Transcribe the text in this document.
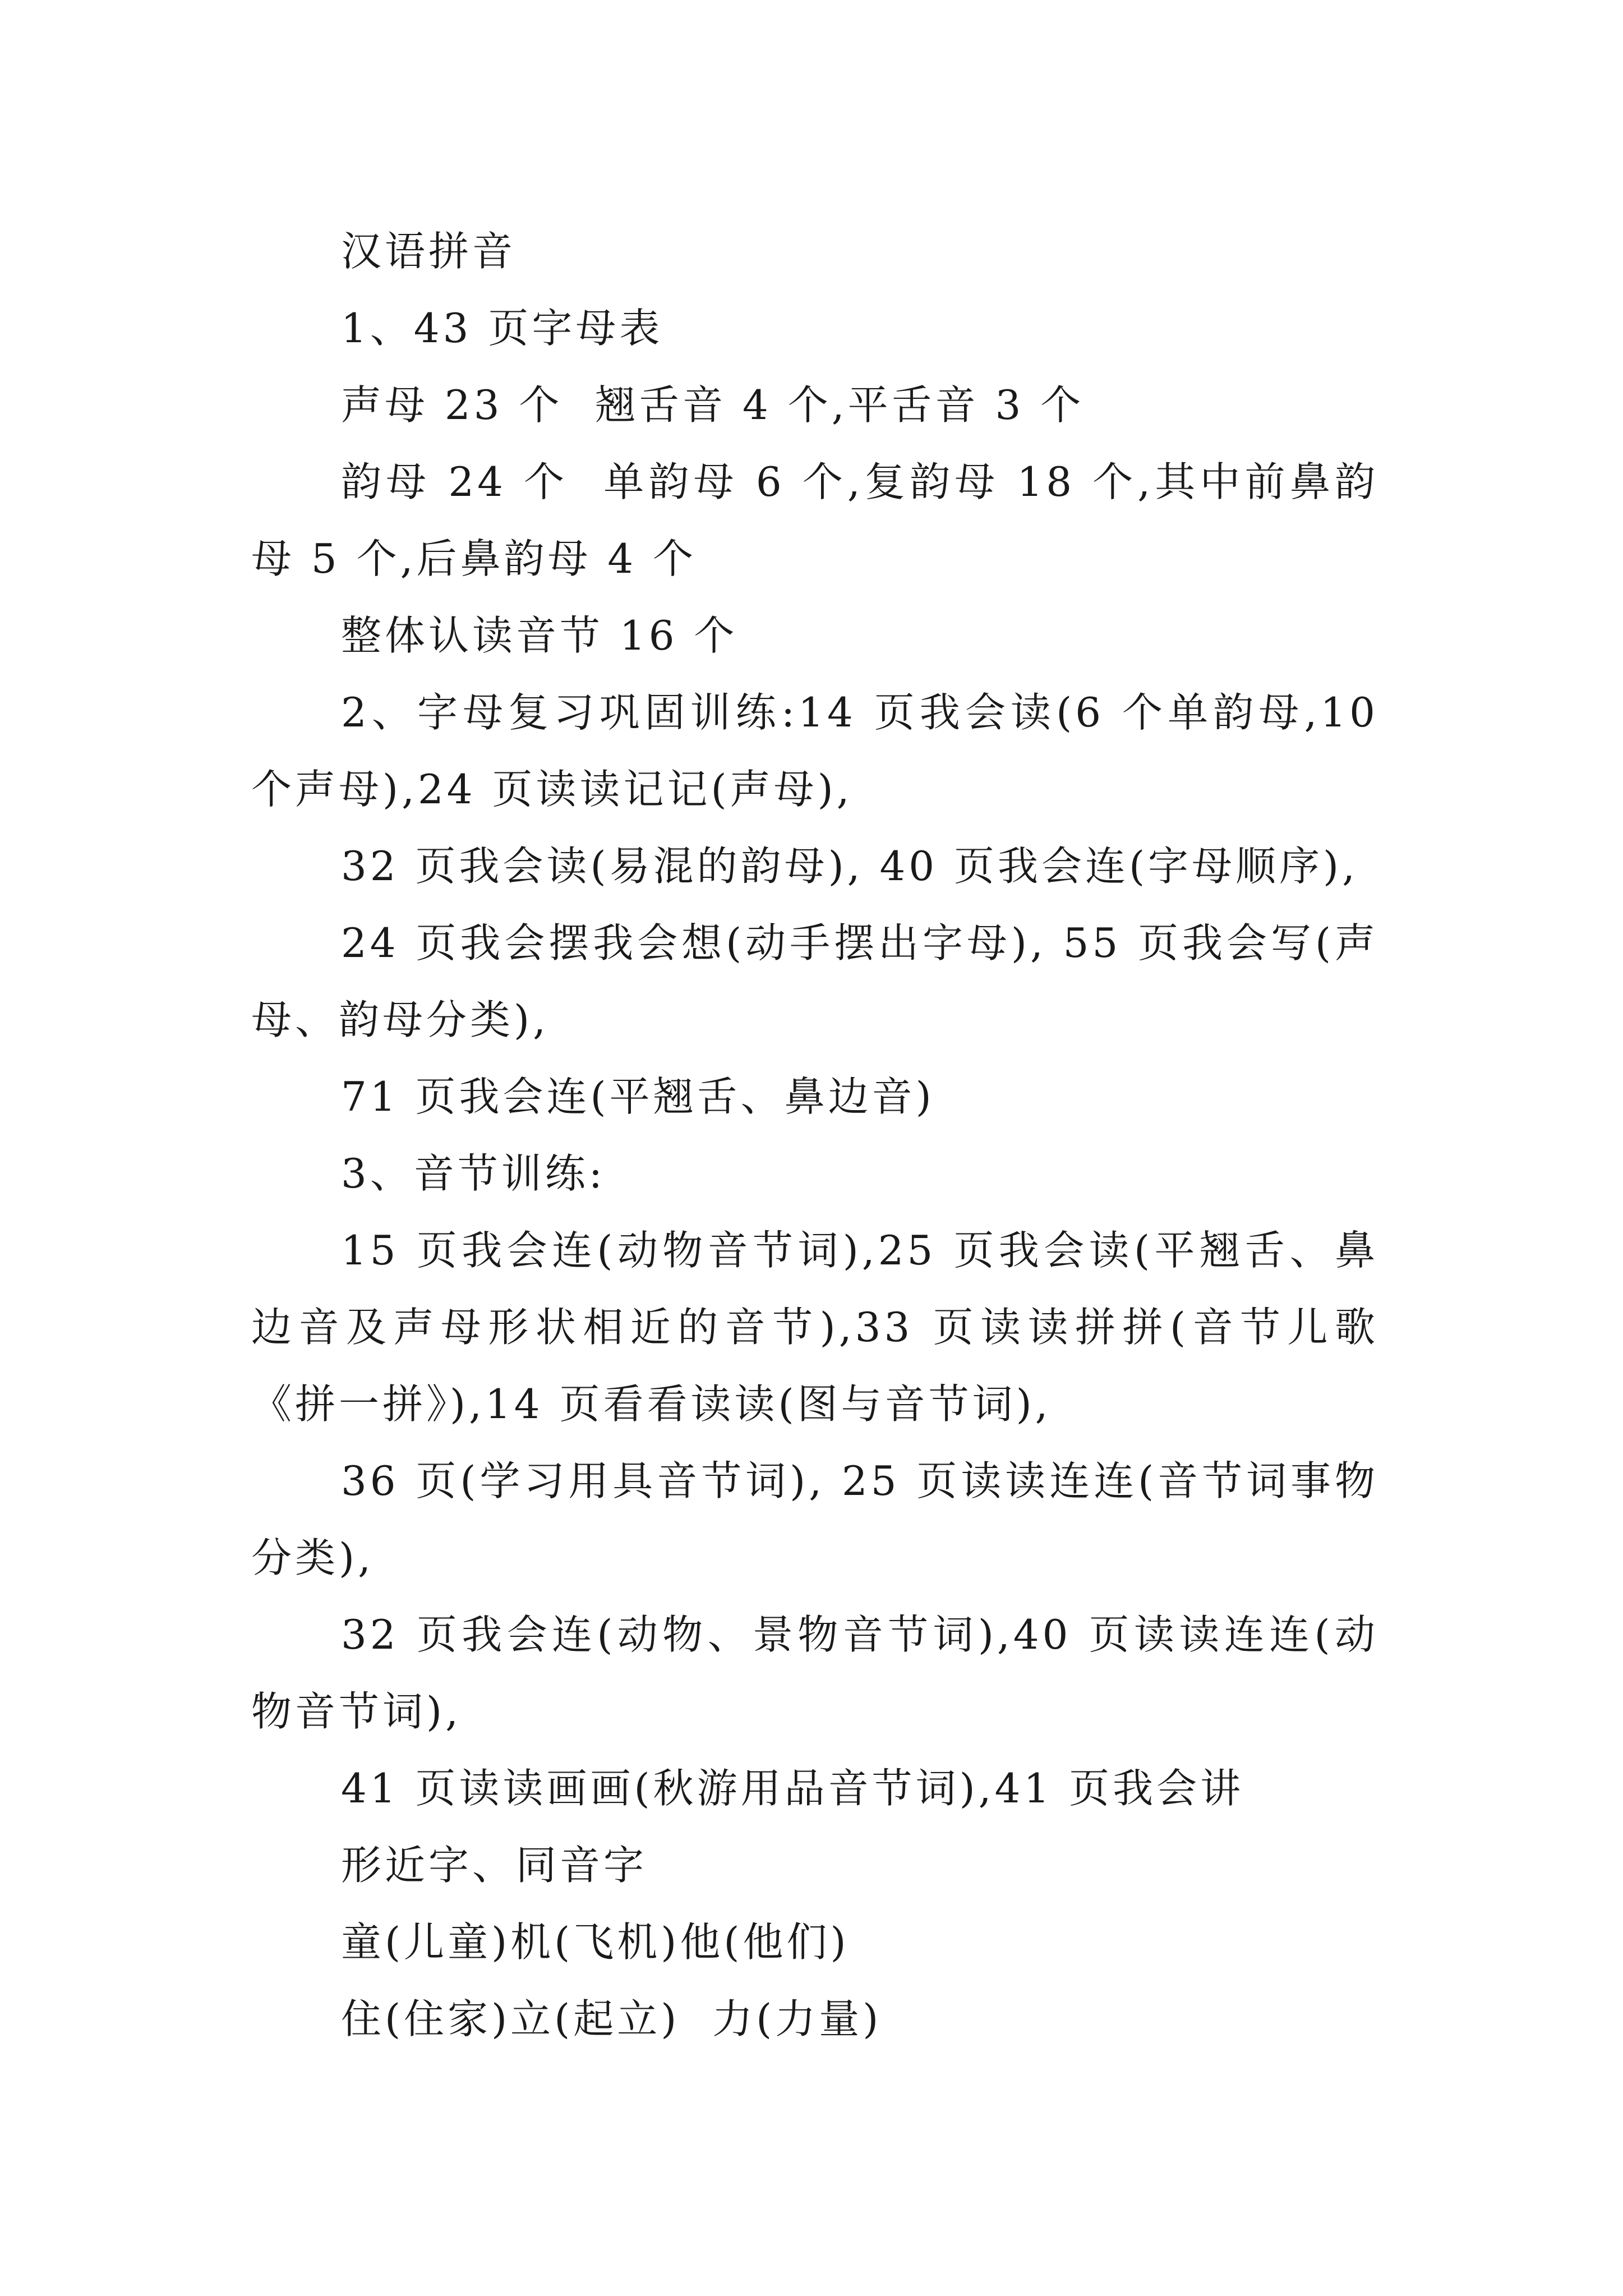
汉语拼音

1、43 页字母表

声母 23 个  翘舌音 4 个,平舌音 3 个

韵母 24 个  单韵母 6 个,复韵母 18 个,其中前鼻韵母 5 个,后鼻韵母 4 个

整体认读音节 16 个

2、字母复习巩固训练:14 页我会读(6 个单韵母,10 个声母),24 页读读记记(声母),

32 页我会读(易混的韵母), 40 页我会连(字母顺序),

24 页我会摆我会想(动手摆出字母), 55 页我会写(声母、韵母分类),

71 页我会连(平翘舌、鼻边音)

3、音节训练:

15 页我会连(动物音节词),25 页我会读(平翘舌、鼻边音及声母形状相近的音节),33 页读读拼拼(音节儿歌《拼一拼》),14 页看看读读(图与音节词),

36 页(学习用具音节词), 25 页读读连连(音节词事物分类),

32 页我会连(动物、景物音节词),40 页读读连连(动物音节词),

41 页读读画画(秋游用品音节词),41 页我会讲

形近字、同音字

童(儿童)机(飞机)他(他们)

住(住家)立(起立)  力(力量)
